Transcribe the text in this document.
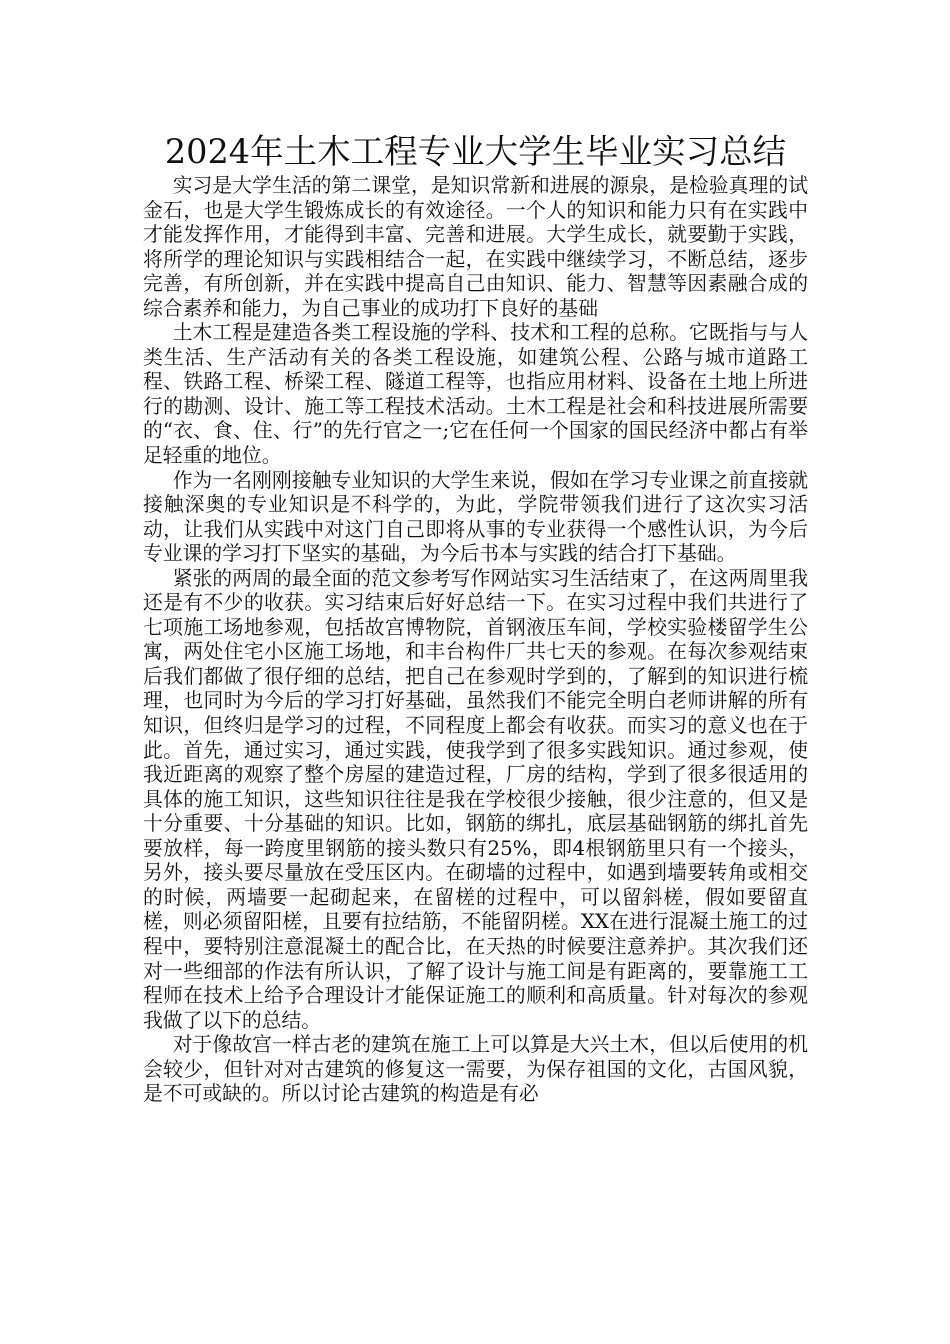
2024年土木工程专业大学生毕业实习总结

实习是大学生活的第二课堂，是知识常新和进展的源泉，是检验真理的试金石，也是大学生锻炼成长的有效途径。一个人的知识和能力只有在实践中才能发挥作用，才能得到丰富、完善和进展。大学生成长，就要勤于实践，将所学的理论知识与实践相结合一起，在实践中继续学习，不断总结，逐步完善，有所创新，并在实践中提高自己由知识、能力、智慧等因素融合成的综合素养和能力，为自己事业的成功打下良好的基础

土木工程是建造各类工程设施的学科、技术和工程的总称。它既指与与人类生活、生产活动有关的各类工程设施，如建筑公程、公路与城市道路工程、铁路工程、桥梁工程、隧道工程等，也指应用材料、设备在土地上所进行的勘测、设计、施工等工程技术活动。土木工程是社会和科技进展所需要的“衣、食、住、行”的先行官之一;它在任何一个国家的国民经济中都占有举足轻重的地位。

作为一名刚刚接触专业知识的大学生来说，假如在学习专业课之前直接就接触深奥的专业知识是不科学的，为此，学院带领我们进行了这次实习活动，让我们从实践中对这门自己即将从事的专业获得一个感性认识，为今后专业课的学习打下坚实的基础，为今后书本与实践的结合打下基础。

紧张的两周的最全面的范文参考写作网站实习生活结束了，在这两周里我还是有不少的收获。实习结束后好好总结一下。在实习过程中我们共进行了七项施工场地参观，包括故宫博物院，首钢液压车间，学校实验楼留学生公寓，两处住宅小区施工场地，和丰台构件厂共七天的参观。在每次参观结束后我们都做了很仔细的总结，把自己在参观时学到的，了解到的知识进行梳理，也同时为今后的学习打好基础，虽然我们不能完全明白老师讲解的所有知识，但终归是学习的过程，不同程度上都会有收获。而实习的意义也在于此。首先，通过实习，通过实践，使我学到了很多实践知识。通过参观，使我近距离的观察了整个房屋的建造过程，厂房的结构，学到了很多很适用的具体的施工知识，这些知识往往是我在学校很少接触，很少注意的，但又是十分重要、十分基础的知识。比如，钢筋的绑扎，底层基础钢筋的绑扎首先要放样，每一跨度里钢筋的接头数只有25%，即4根钢筋里只有一个接头，另外，接头要尽量放在受压区内。在砌墙的过程中，如遇到墙要转角或相交的时候，两墙要一起砌起来，在留槎的过程中，可以留斜槎，假如要留直槎，则必须留阳槎，且要有拉结筋，不能留阴槎。XX在进行混凝土施工的过程中，要特别注意混凝土的配合比，在天热的时候要注意养护。其次我们还对一些细部的作法有所认识，了解了设计与施工间是有距离的，要靠施工工程师在技术上给予合理设计才能保证施工的顺利和高质量。针对每次的参观我做了以下的总结。

对于像故宫一样古老的建筑在施工上可以算是大兴土木，但以后使用的机会较少，但针对对古建筑的修复这一需要，为保存祖国的文化，古国风貌，是不可或缺的。所以讨论古建筑的构造是有必
